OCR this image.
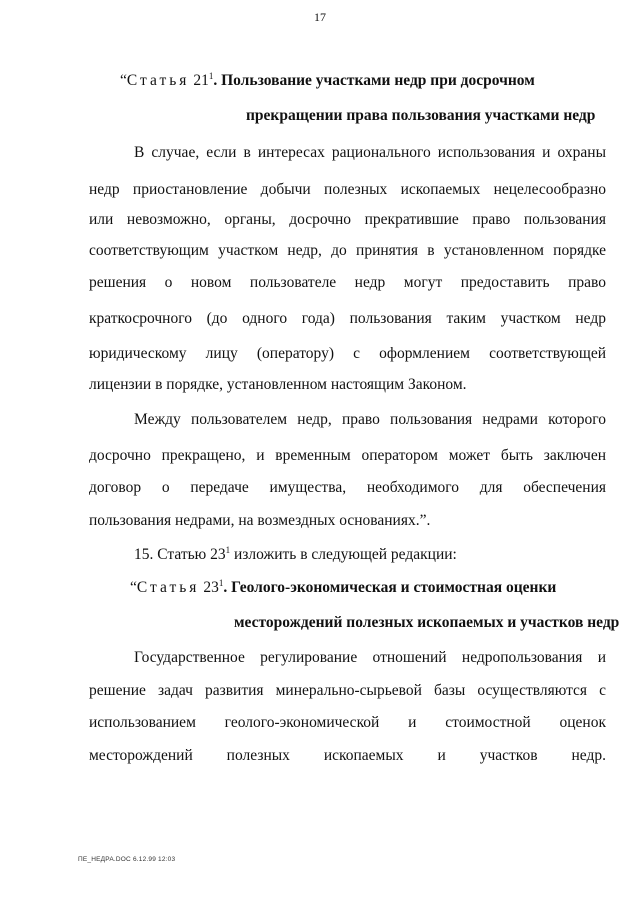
17
“Статья $21^1$. Пользование участками недр при досрочном
прекращении права пользования участками недр
В случае, если в интересах рационального использования и охраны
недр приостановление добычи полезных ископаемых нецелесообразно
или невозможно, органы, досрочно прекратившие право пользования
соответствующим участком недр, до принятия в установленном порядке
решения о новом пользователе недр могут предоставить право
краткосрочного (до одного года) пользования таким участком недр
юридическому лицу (оператору) с оформлением соответствующей
лицензии в порядке, установленном настоящим Законом.
Между пользователем недр, право пользования недрами которого
досрочно прекращено, и временным оператором может быть заключен
договор о передаче имущества, необходимого для обеспечения
пользования недрами, на возмездных основаниях.”.
15. Статью $23^1$ изложить в следующей редакции:
“Статья $23^1$. Геолого-экономическая и стоимостная оценки
месторождений полезных ископаемых и участков недр
Государственное регулирование отношений недропользования и
решение задач развития минерально-сырьевой базы осуществляются с
использованием геолого-экономической и стоимостной оценок
месторождений полезных ископаемых и участков недр.
ПЕ_НЕДРА.DOC 6.12.99 12:03
